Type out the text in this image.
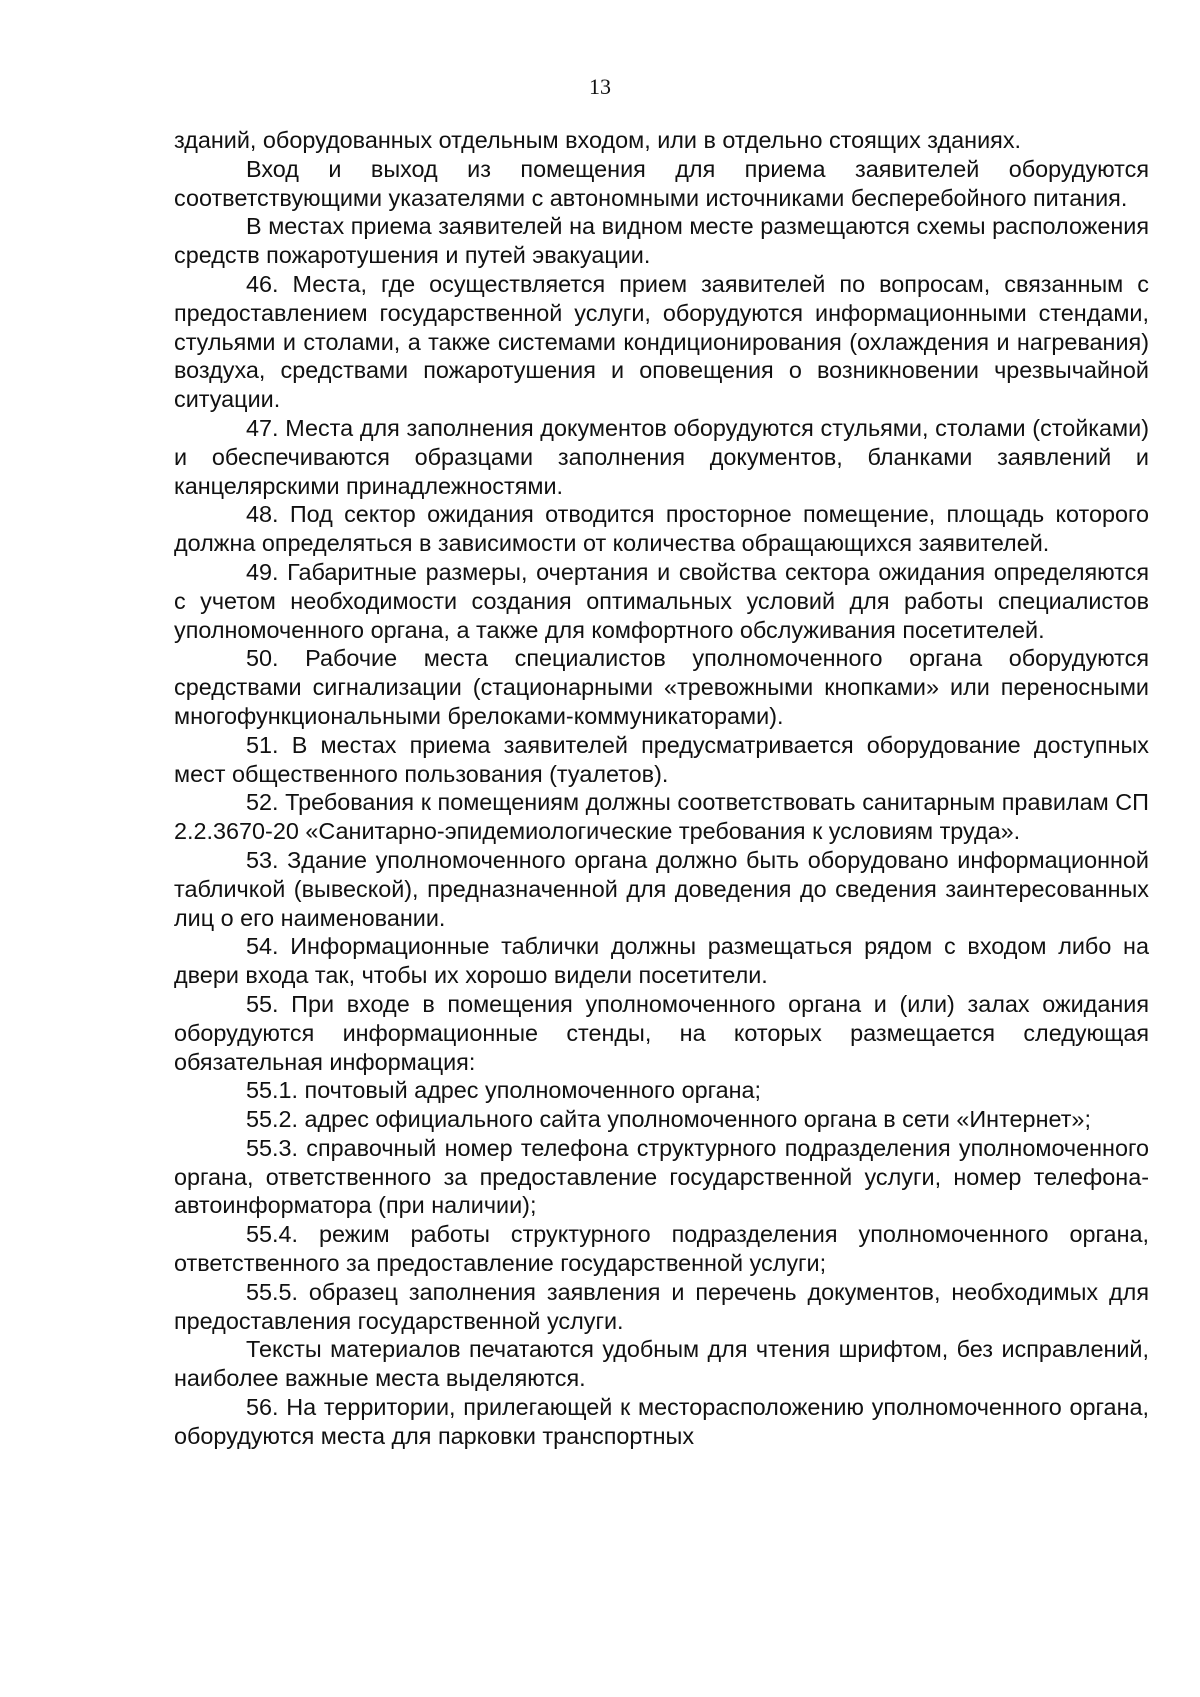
13

зданий, оборудованных отдельным входом, или в отдельно стоящих зданиях.

Вход и выход из помещения для приема заявителей оборудуются соответствующими указателями с автономными источниками бесперебойного питания.

В местах приема заявителей на видном месте размещаются схемы расположения средств пожаротушения и путей эвакуации.

46. Места, где осуществляется прием заявителей по вопросам, связанным с предоставлением государственной услуги, оборудуются информационными стендами, стульями и столами, а также системами кондиционирования (охлаждения и нагревания) воздуха, средствами пожаротушения и оповещения о возникновении чрезвычайной ситуации.

47. Места для заполнения документов оборудуются стульями, столами (стойками) и обеспечиваются образцами заполнения документов, бланками заявлений и канцелярскими принадлежностями.

48. Под сектор ожидания отводится просторное помещение, площадь которого должна определяться в зависимости от количества обращающихся заявителей.

49. Габаритные размеры, очертания и свойства сектора ожидания определяются с учетом необходимости создания оптимальных условий для работы специалистов уполномоченного органа, а также для комфортного обслуживания посетителей.

50. Рабочие места специалистов уполномоченного органа оборудуются средствами сигнализации (стационарными «тревожными кнопками» или переносными многофункциональными брелоками-коммуникаторами).

51. В местах приема заявителей предусматривается оборудование доступных мест общественного пользования (туалетов).

52. Требования к помещениям должны соответствовать санитарным правилам СП 2.2.3670-20 «Санитарно-эпидемиологические требования к условиям труда».

53. Здание уполномоченного органа должно быть оборудовано информационной табличкой (вывеской), предназначенной для доведения до сведения заинтересованных лиц о его наименовании.

54. Информационные таблички должны размещаться рядом с входом либо на двери входа так, чтобы их хорошо видели посетители.

55. При входе в помещения уполномоченного органа и (или) залах ожидания оборудуются информационные стенды, на которых размещается следующая обязательная информация:

55.1. почтовый адрес уполномоченного органа;

55.2. адрес официального сайта уполномоченного органа в сети «Интернет»;

55.3. справочный номер телефона структурного подразделения уполномоченного органа, ответственного за предоставление государственной услуги, номер телефона-автоинформатора (при наличии);

55.4. режим работы структурного подразделения уполномоченного органа, ответственного за предоставление государственной услуги;

55.5. образец заполнения заявления и перечень документов, необходимых для предоставления государственной услуги.

Тексты материалов печатаются удобным для чтения шрифтом, без исправлений, наиболее важные места выделяются.

56. На территории, прилегающей к месторасположению уполномоченного органа, оборудуются места для парковки транспортных
